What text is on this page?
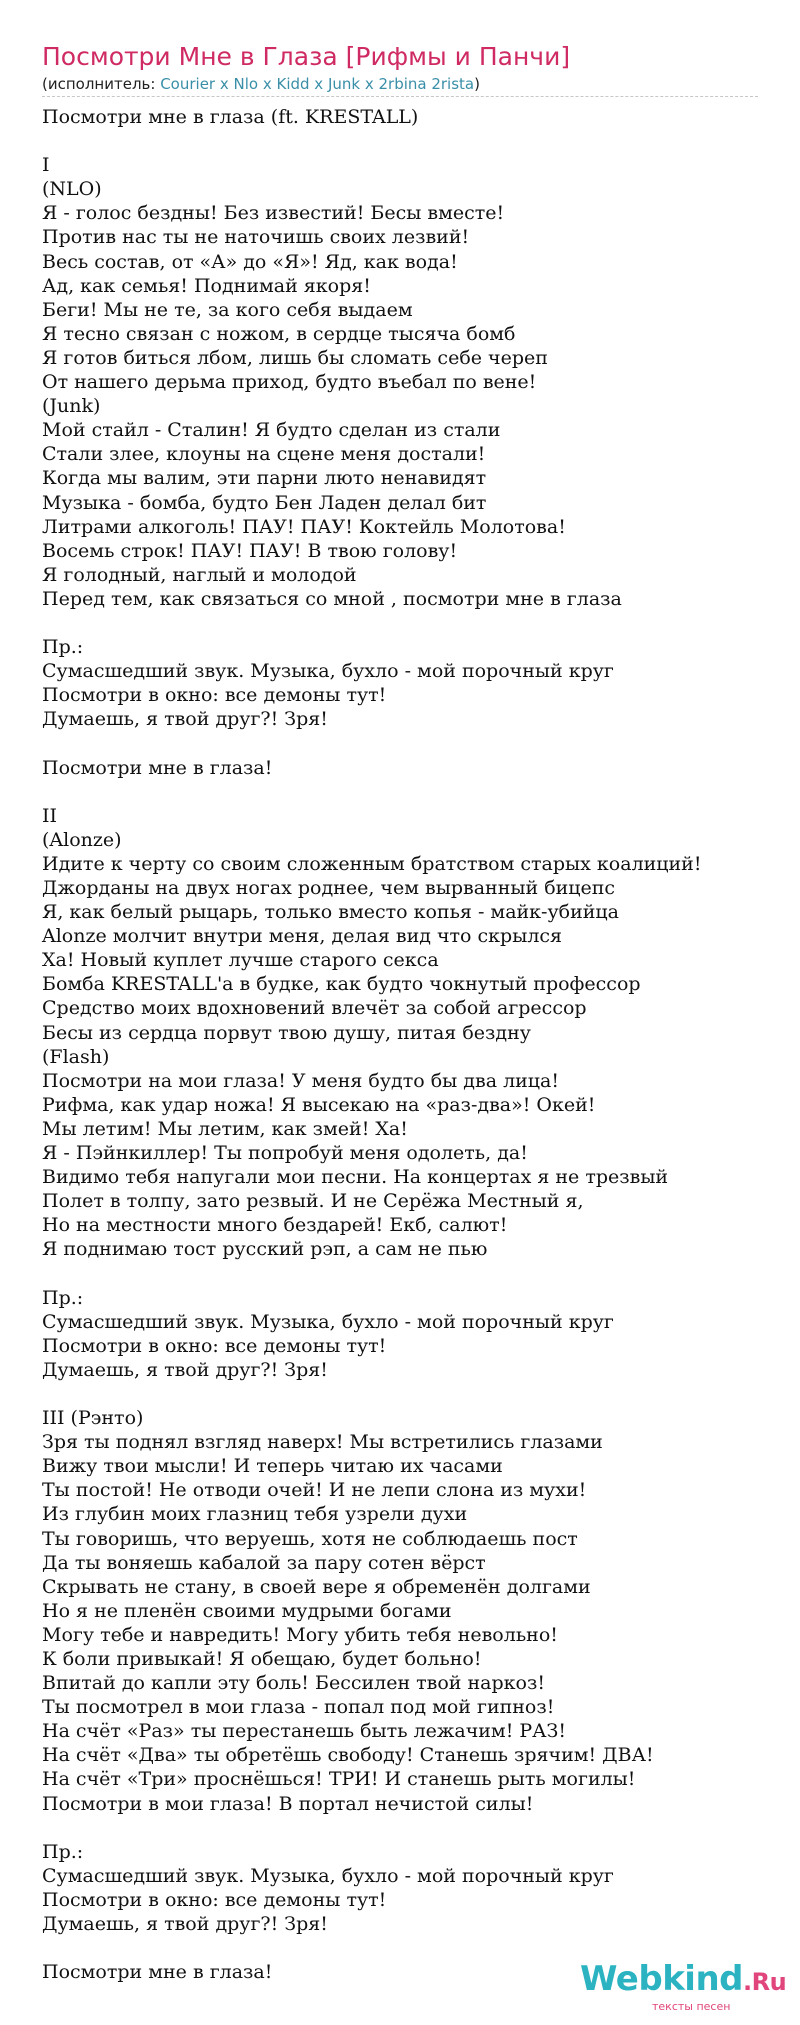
Посмотри Мне в Глаза [Рифмы и Панчи]
(исполнитель: Courier x Nlo x Kidd x Junk x 2rbina 2rista)
Посмотри мне в глаза (ft. KRESTALL)
I
(NLO)
Я - голос бездны! Без известий! Бесы вместе!
Против нас ты не наточишь своих лезвий!
Весь состав, от «А» до «Я»! Яд, как вода!
Ад, как семья! Поднимай якоря!
Беги! Мы не те, за кого себя выдаем
Я тесно связан с ножом, в сердце тысяча бомб
Я готов биться лбом, лишь бы сломать себе череп
От нашего дерьма приход, будто въебал по вене!
(Junk)
Мой стайл - Сталин! Я будто сделан из стали
Стали злее, клоуны на сцене меня достали!
Когда мы валим, эти парни люто ненавидят
Музыка - бомба, будто Бен Ладен делал бит
Литрами алкоголь! ПАУ! ПАУ! Коктейль Молотова!
Восемь строк! ПАУ! ПАУ! В твою голову!
Я голодный, наглый и молодой
Перед тем, как связаться со мной , посмотри мне в глаза
Пр.:
Сумасшедший звук. Музыка, бухло - мой порочный круг
Посмотри в окно: все демоны тут!
Думаешь, я твой друг?! Зря!
Посмотри мне в глаза!
II
(Alonze)
Идите к черту со своим сложенным братством старых коалиций!
Джорданы на двух ногах роднее, чем вырванный бицепс
Я, как белый рыцарь, только вместо копья - майк-убийца
Alonze молчит внутри меня, делая вид что скрылся
Ха! Новый куплет лучше старого секса
Бомба KRESTALL'а в будке, как будто чокнутый профессор
Средство моих вдохновений влечёт за собой агрессор
Бесы из сердца порвут твою душу, питая бездну
(Flash)
Посмотри на мои глаза! У меня будто бы два лица!
Рифма, как удар ножа! Я высекаю на «раз-два»! Окей!
Мы летим! Мы летим, как змей! Ха!
Я - Пэйнкиллер! Ты попробуй меня одолеть, да!
Видимо тебя напугали мои песни. На концертах я не трезвый
Полет в толпу, зато резвый. И не Серёжа Местный я,
Но на местности много бездарей! Екб, салют!
Я поднимаю тост русский рэп, а сам не пью
Пр.:
Сумасшедший звук. Музыка, бухло - мой порочный круг
Посмотри в окно: все демоны тут!
Думаешь, я твой друг?! Зря!
III (Рэнто)
Зря ты поднял взгляд наверх! Мы встретились глазами
Вижу твои мысли! И теперь читаю их часами
Ты постой! Не отводи очей! И не лепи слона из мухи!
Из глубин моих глазниц тебя узрели духи
Ты говоришь, что веруешь, хотя не соблюдаешь пост
Да ты воняешь кабалой за пару сотен вёрст
Скрывать не стану, в своей вере я обременён долгами
Но я не пленён своими мудрыми богами
Могу тебе и навредить! Могу убить тебя невольно!
К боли привыкай! Я обещаю, будет больно!
Впитай до капли эту боль! Бессилен твой наркоз!
Ты посмотрел в мои глаза - попал под мой гипноз!
На счёт «Раз» ты перестанешь быть лежачим! РАЗ!
На счёт «Два» ты обретёшь свободу! Станешь зрячим! ДВА!
На счёт «Три» проснёшься! ТРИ! И станешь рыть могилы!
Посмотри в мои глаза! В портал нечистой силы!
Пр.:
Сумасшедший звук. Музыка, бухло - мой порочный круг
Посмотри в окно: все демоны тут!
Думаешь, я твой друг?! Зря!
Посмотри мне в глаза!	Webkind.Ru
тексты песен
